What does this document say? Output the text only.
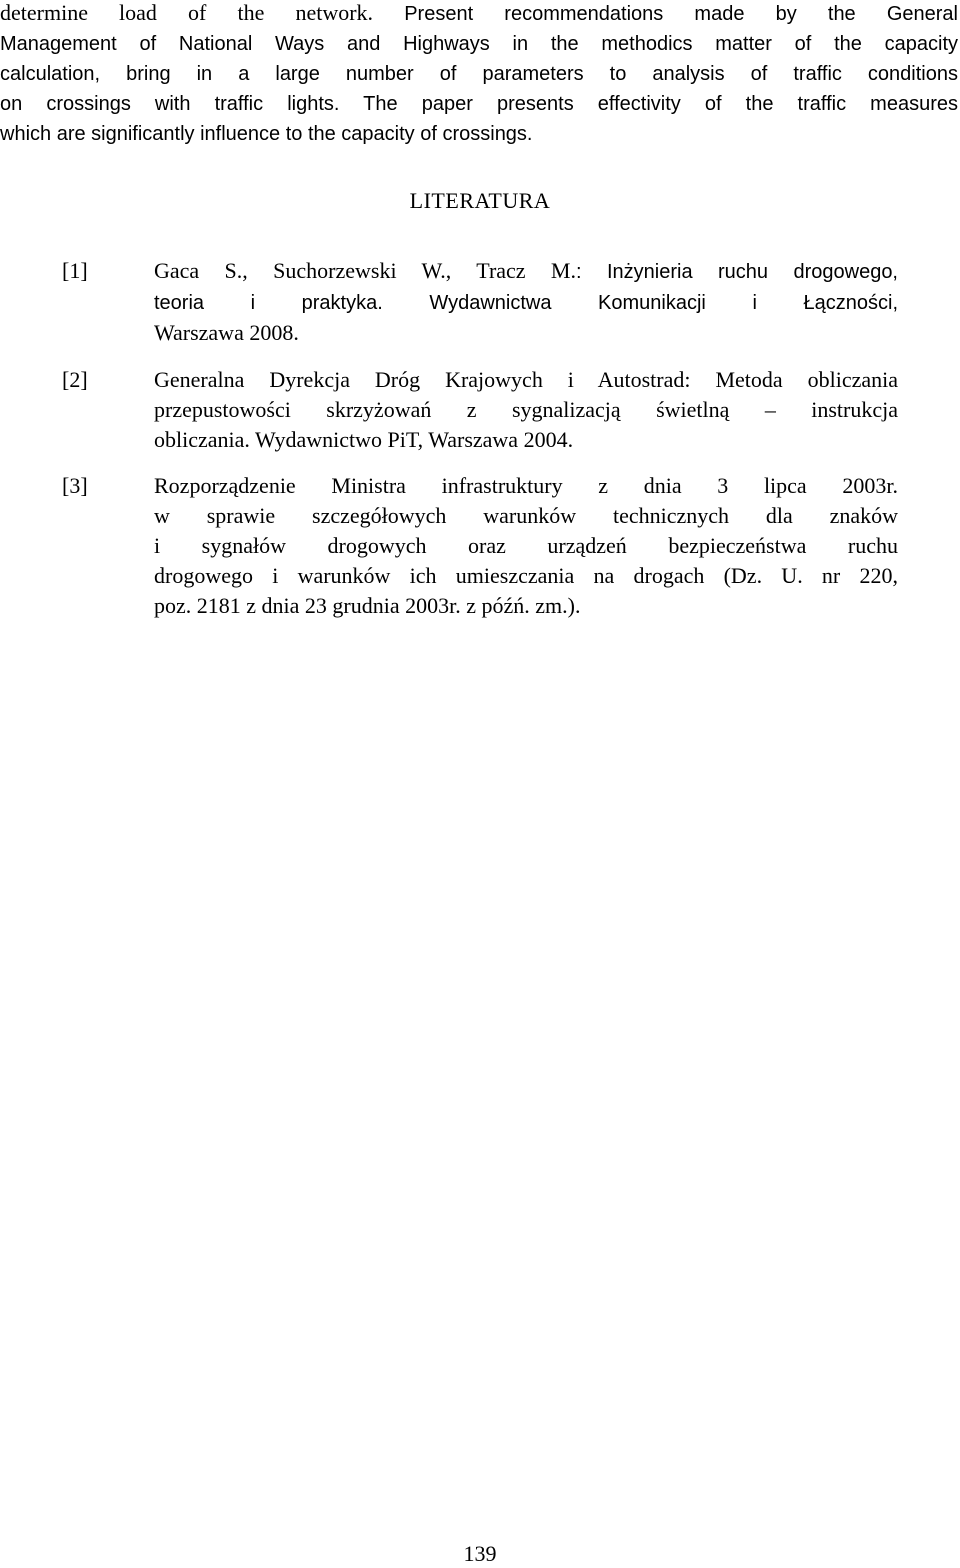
determine load of the network. Present recommendations made by the General
Management of National Ways and Highways in the methodics matter of the capacity
calculation, bring in a large number of parameters to analysis of traffic conditions
on crossings with traffic lights. The paper presents effectivity of the traffic measures
which are significantly influence to the capacity of crossings.
LITERATURA
[1]	Gaca S., Suchorzewski W., Tracz M.: Inżynieria ruchu drogowego,
teoria i praktyka. Wydawnictwa Komunikacji i Łączności,
Warszawa 2008.
[2]	Generalna Dyrekcja Dróg Krajowych i Autostrad: Metoda obliczania
przepustowości skrzyżowań z sygnalizacją świetlną – instrukcja
obliczania. Wydawnictwo PiT, Warszawa 2004.
[3]	Rozporządzenie Ministra infrastruktury z dnia 3 lipca 2003r.
w sprawie szczegółowych warunków technicznych dla znaków
i sygnałów drogowych oraz urządzeń bezpieczeństwa ruchu
drogowego i warunków ich umieszczania na drogach (Dz. U. nr 220,
poz. 2181 z dnia 23 grudnia 2003r. z późń. zm.).
139
